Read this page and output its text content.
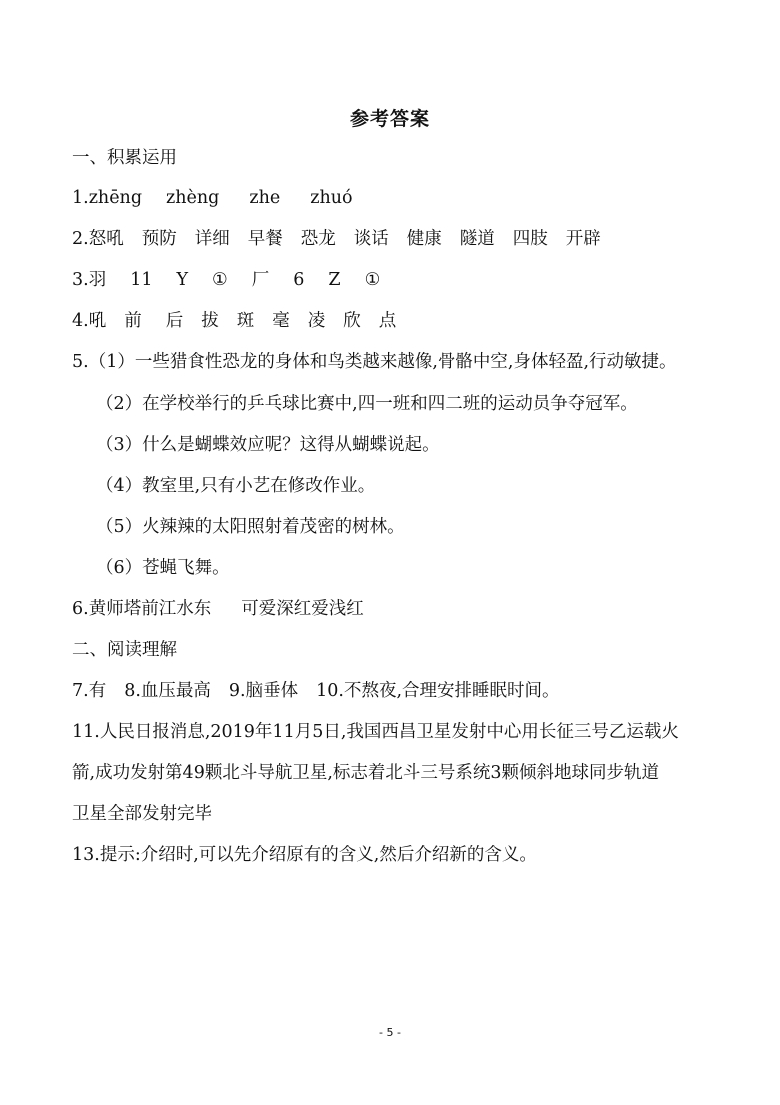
参考答案
一、积累运用
1.zhēng zhèng zhe zhuó
2.怒吼 预防 详细 早餐 恐龙 谈话 健康 隧道 四肢 开辟
3.羽 11 Y ① 厂 6 Z ①
4.吼 前 后 拔 斑 毫 凌 欣 点
5.（1）一些猎食性恐龙的身体和鸟类越来越像,骨骼中空,身体轻盈,行动敏捷。
（2）在学校举行的乒乓球比赛中,四一班和四二班的运动员争夺冠军。
（3）什么是蝴蝶效应呢？这得从蝴蝶说起。
（4）教室里,只有小艺在修改作业。
（5）火辣辣的太阳照射着茂密的树林。
（6）苍蝇飞舞。
6.黄师塔前江水东 可爱深红爱浅红
二、阅读理解
7.有 8.血压最高 9.脑垂体 10.不熬夜,合理安排睡眠时间。
11.人民日报消息,2019年11月5日,我国西昌卫星发射中心用长征三号乙运载火
箭,成功发射第49颗北斗导航卫星,标志着北斗三号系统3颗倾斜地球同步轨道
卫星全部发射完毕
13.提示:介绍时,可以先介绍原有的含义,然后介绍新的含义。
- 5 -
